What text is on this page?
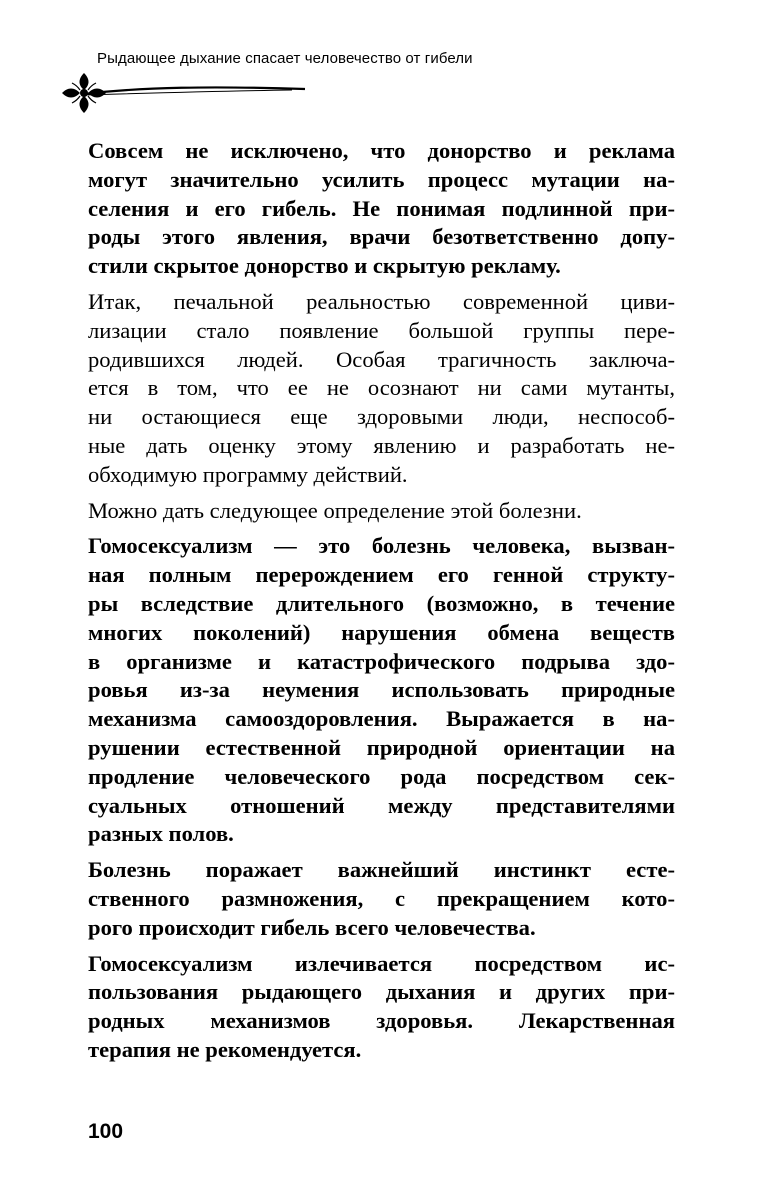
Рыдающее дыхание спасает человечество от гибели
Совсем не исключено, что донорство и реклама
могут значительно усилить процесс мутации на-
селения и его гибель. Не понимая подлинной при-
роды этого явления, врачи безответственно допу-
стили скрытое донорство и скрытую рекламу.
Итак, печальной реальностью современной циви-
лизации стало появление большой группы пере-
родившихся людей. Особая трагичность заключа-
ется в том, что ее не осознают ни сами мутанты,
ни остающиеся еще здоровыми люди, неспособ-
ные дать оценку этому явлению и разработать не-
обходимую программу действий.
Можно дать следующее определение этой болезни.
Гомосексуализм — это болезнь человека, вызван-
ная полным перерождением его генной структу-
ры вследствие длительного (возможно, в течение
многих поколений) нарушения обмена веществ
в организме и катастрофического подрыва здо-
ровья из-за неумения использовать природные
механизма самооздоровления. Выражается в на-
рушении естественной природной ориентации на
продление человеческого рода посредством сек-
суальных отношений между представителями
разных полов.
Болезнь поражает важнейший инстинкт есте-
ственного размножения, с прекращением кото-
рого происходит гибель всего человечества.
Гомосексуализм излечивается посредством ис-
пользования рыдающего дыхания и других при-
родных механизмов здоровья. Лекарственная
терапия не рекомендуется.
100
